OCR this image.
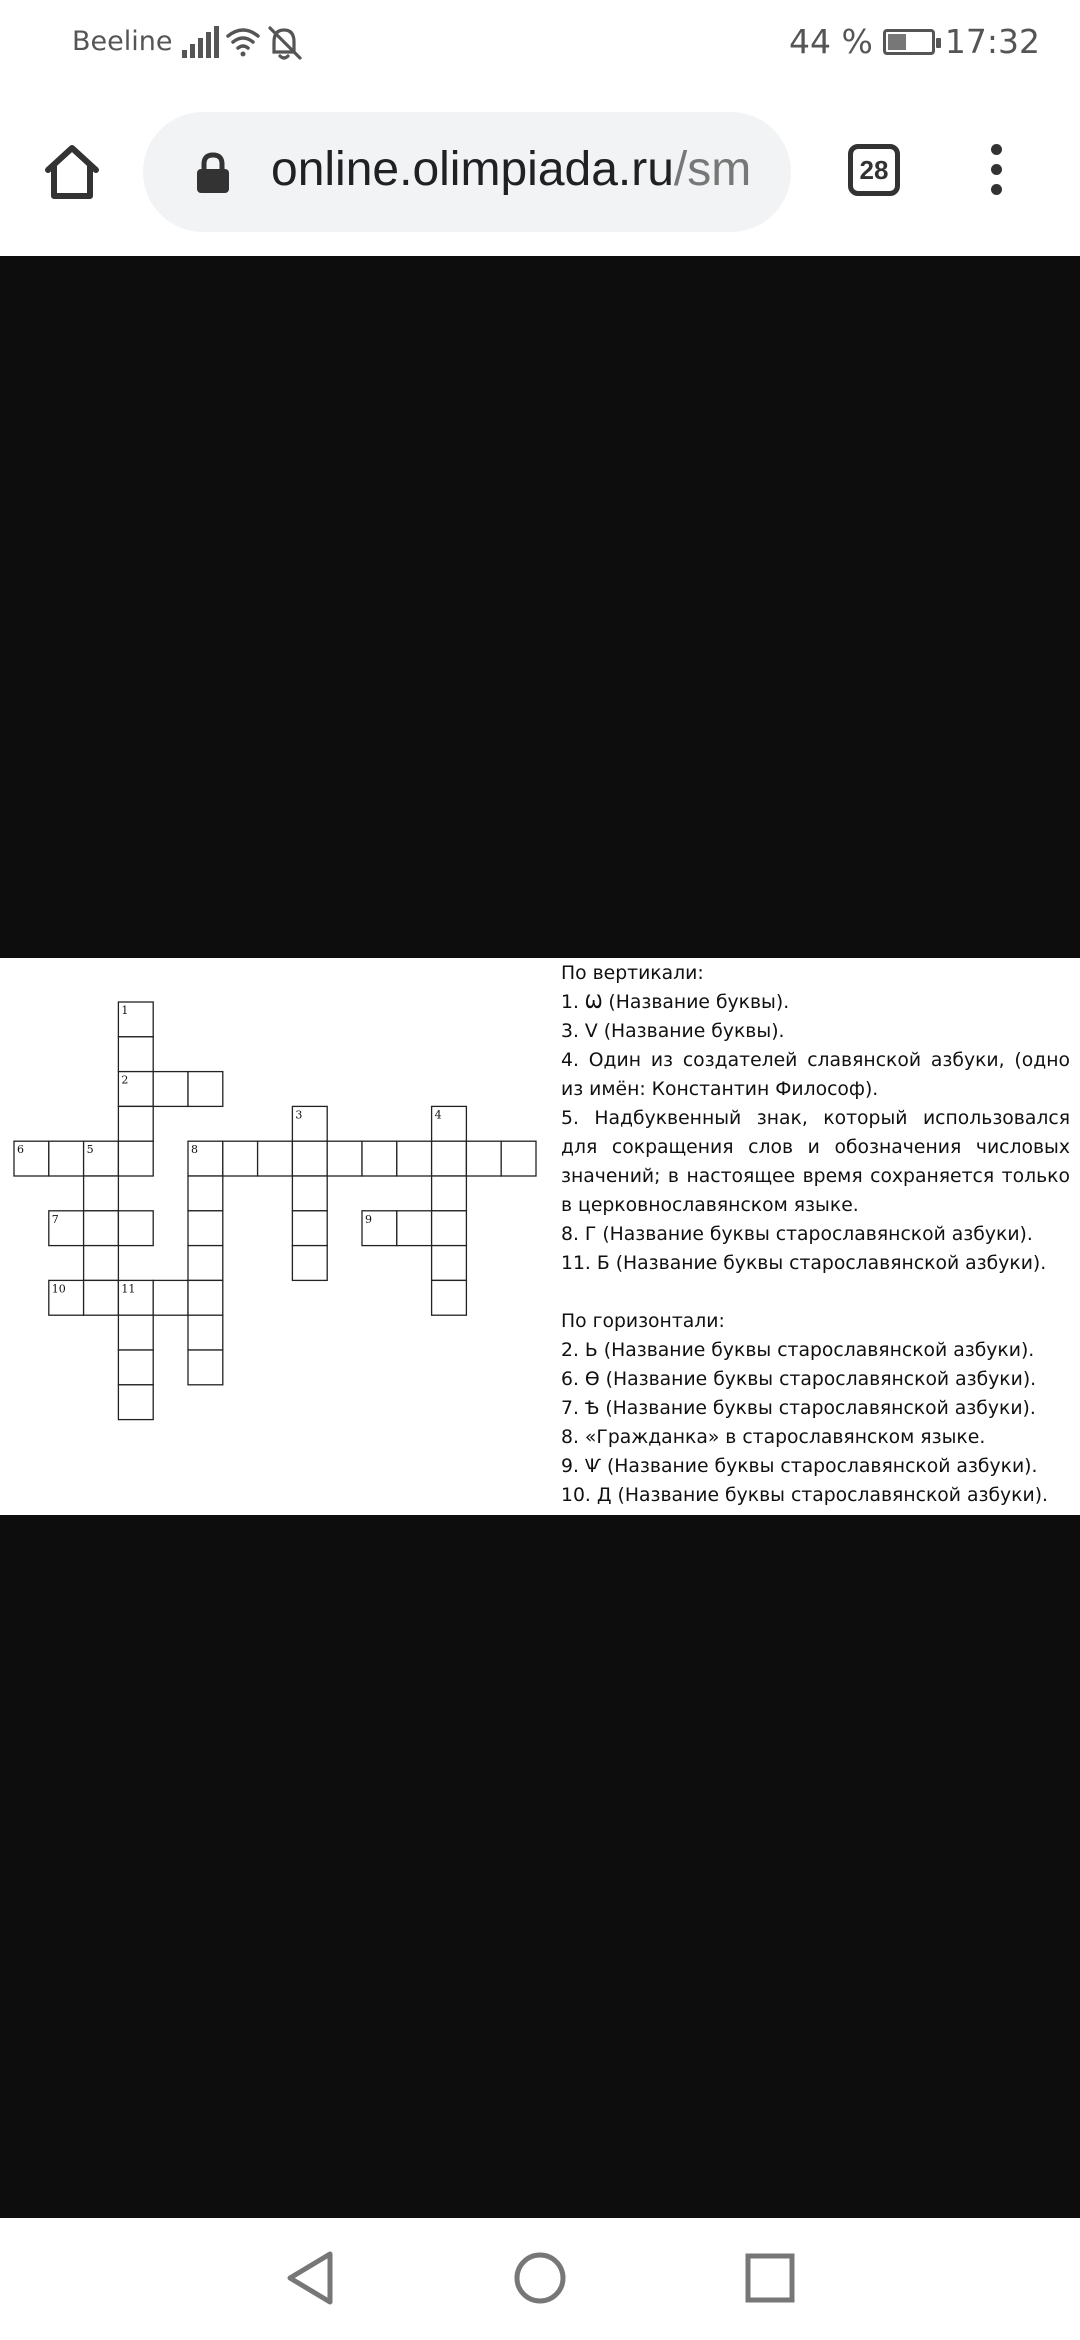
Beeline	44 % 17:32
online.olimpiada.ru/sm	28
1
2
3	4
5
6
7
8
9
10	11
По вертикали:
1. Ѡ (Название буквы).
3. V (Название буквы).
4. Один из создателей славянской азбуки, (одно из имён: Константин Философ).
5. Надбуквенный знак, который использовался для сокращения слов и обозначения числовых значений; в настоящее время сохраняется только в церковнославянском языке.
8. Г (Название буквы старославянской азбуки).
11. Б (Название буквы старославянской азбуки).
По горизонтали:
2. Ь (Название буквы старославянской азбуки).
6. Ѳ (Название буквы старославянской азбуки).
7. Ѣ (Название буквы старославянской азбуки).
8. «Гражданка» в старославянском языке.
9. Ѱ (Название буквы старославянской азбуки).
10. Д (Название буквы старославянской азбуки).
